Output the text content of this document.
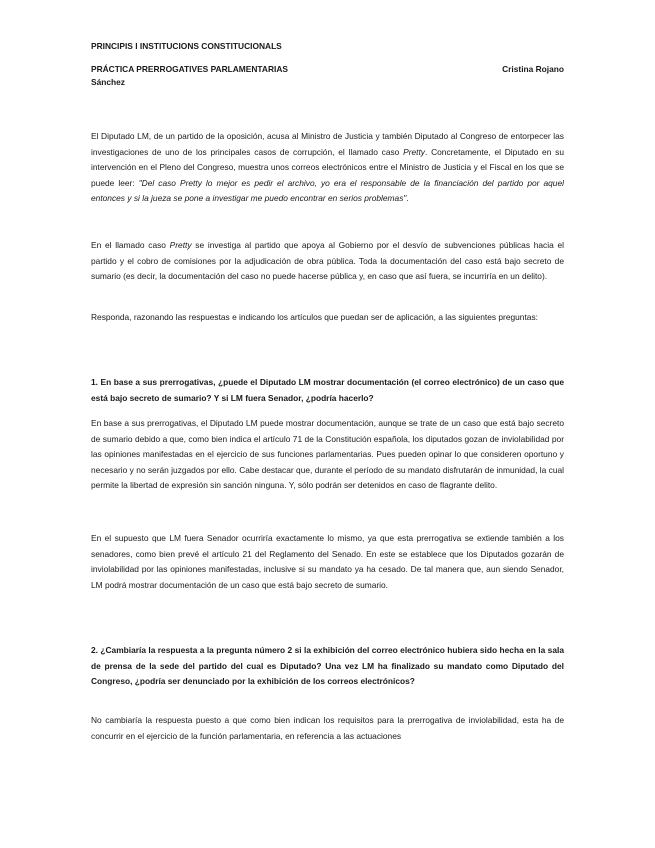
PRINCIPIS I INSTITUCIONS CONSTITUCIONALS
PRÁCTICA PRERROGATIVES PARLAMENTARIAS	Cristina Rojano
Sánchez

El Diputado LM, de un partido de la oposición, acusa al Ministro de Justicia y también Diputado al Congreso de entorpecer las investigaciones de uno de los principales casos de corrupción, el llamado caso Pretty. Concretamente, el Diputado en su intervención en el Pleno del Congreso, muestra unos correos electrónicos entre el Ministro de Justicia y el Fiscal en los que se puede leer: "Del caso Pretty lo mejor es pedir el archivo, yo era el responsable de la financiación del partido por aquel entonces y si la jueza se pone a investigar me puedo encontrar en serios problemas".

En el llamado caso Pretty se investiga al partido que apoya al Gobierno por el desvío de subvenciones públicas hacia el partido y el cobro de comisiones por la adjudicación de obra pública. Toda la documentación del caso está bajo secreto de sumario (es decir, la documentación del caso no puede hacerse pública y, en caso que así fuera, se incurriría en un delito).

Responda, razonando las respuestas e indicando los artículos que puedan ser de aplicación, a las siguientes preguntas:

1. En base a sus prerrogativas, ¿puede el Diputado LM mostrar documentación (el correo electrónico) de un caso que está bajo secreto de sumario? Y si LM fuera Senador, ¿podría hacerlo?

En base a sus prerrogativas, el Diputado LM puede mostrar documentación, aunque se trate de un caso que está bajo secreto de sumario debido a que, como bien indica el artículo 71 de la Constitución española, los diputados gozan de inviolabilidad por las opiniones manifestadas en el ejercicio de sus funciones parlamentarias. Pues pueden opinar lo que consideren oportuno y necesario y no serán juzgados por ello. Cabe destacar que, durante el período de su mandato disfrutarán de inmunidad, la cual permite la libertad de expresión sin sanción ninguna. Y, sólo podrán ser detenidos en caso de flagrante delito.

En el supuesto que LM fuera Senador ocurriría exactamente lo mismo, ya que esta prerrogativa se extiende también a los senadores, como bien prevé el artículo 21 del Reglamento del Senado. En este se establece que los Diputados gozarán de inviolabilidad por las opiniones manifestadas, inclusive si su mandato ya ha cesado. De tal manera que, aun siendo Senador, LM podrá mostrar documentación de un caso que está bajo secreto de sumario.

2. ¿Cambiaría la respuesta a la pregunta número 2 si la exhibición del correo electrónico hubiera sido hecha en la sala de prensa de la sede del partido del cual es Diputado? Una vez LM ha finalizado su mandato como Diputado del Congreso, ¿podría ser denunciado por la exhibición de los correos electrónicos?

No cambiaría la respuesta puesto a que como bien indican los requisitos para la prerrogativa de inviolabilidad, esta ha de concurrir en el ejercicio de la función parlamentaria, en referencia a las actuaciones
